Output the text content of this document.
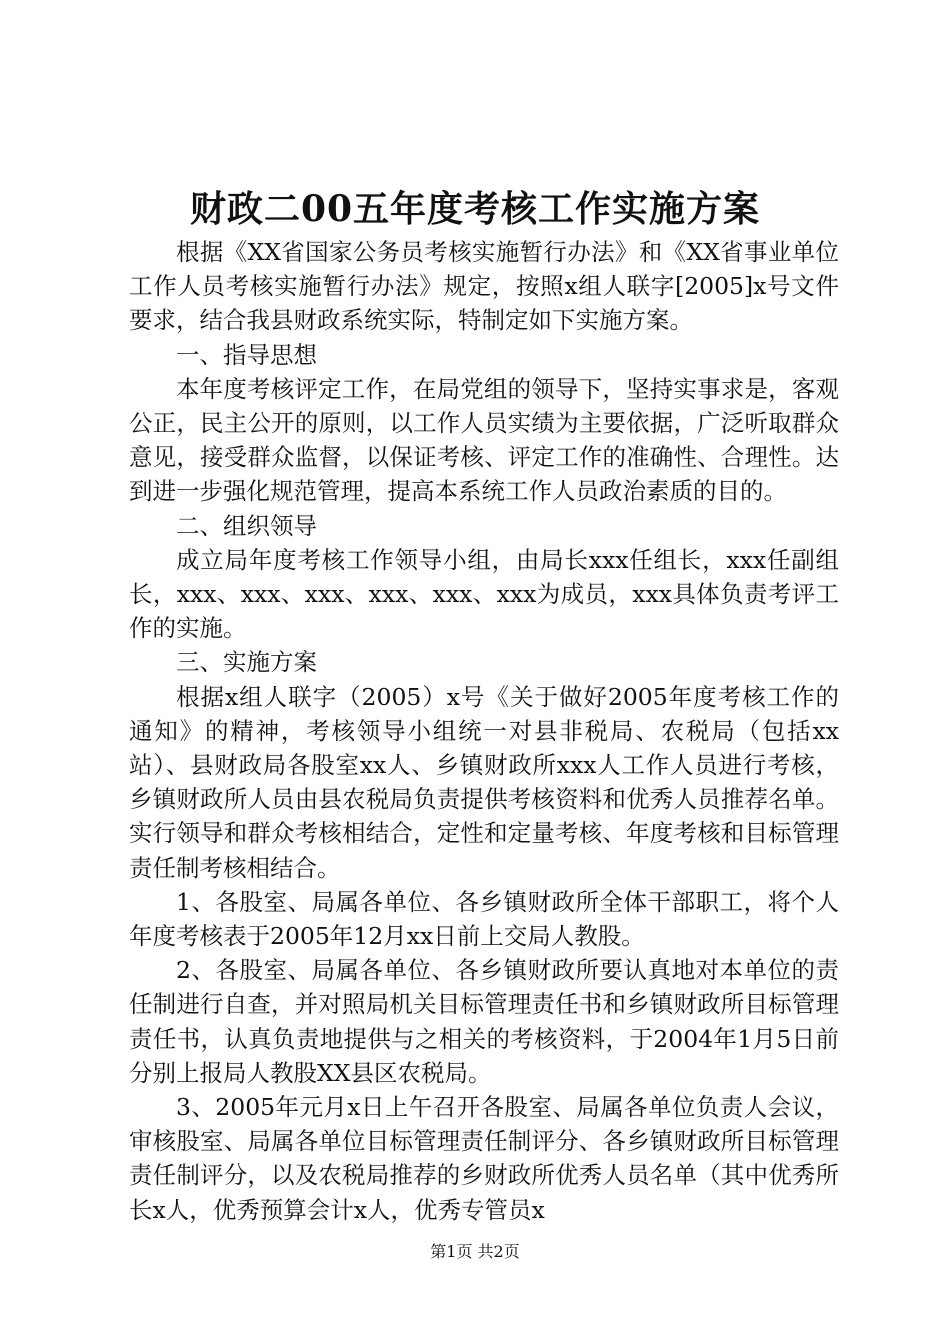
财政二00五年度考核工作实施方案

根据《XX省国家公务员考核实施暂行办法》和《XX省事业单位工作人员考核实施暂行办法》规定，按照x组人联字[2005]x号文件要求，结合我县财政系统实际，特制定如下实施方案。

一、指导思想

本年度考核评定工作，在局党组的领导下，坚持实事求是，客观公正，民主公开的原则，以工作人员实绩为主要依据，广泛听取群众意见，接受群众监督，以保证考核、评定工作的准确性、合理性。达到进一步强化规范管理，提高本系统工作人员政治素质的目的。

二、组织领导

成立局年度考核工作领导小组，由局长xxx任组长，xxx任副组长，xxx、xxx、xxx、xxx、xxx、xxx为成员，xxx具体负责考评工作的实施。

三、实施方案

根据x组人联字（2005）x号《关于做好2005年度考核工作的通知》的精神，考核领导小组统一对县非税局、农税局（包括xx站）、县财政局各股室xx人、乡镇财政所xxx人工作人员进行考核，乡镇财政所人员由县农税局负责提供考核资料和优秀人员推荐名单。实行领导和群众考核相结合，定性和定量考核、年度考核和目标管理责任制考核相结合。

1、各股室、局属各单位、各乡镇财政所全体干部职工，将个人年度考核表于2005年12月xx日前上交局人教股。

2、各股室、局属各单位、各乡镇财政所要认真地对本单位的责任制进行自查，并对照局机关目标管理责任书和乡镇财政所目标管理责任书，认真负责地提供与之相关的考核资料，于2004年1月5日前分别上报局人教股XX县区农税局。

3、2005年元月x日上午召开各股室、局属各单位负责人会议，审核股室、局属各单位目标管理责任制评分、各乡镇财政所目标管理责任制评分，以及农税局推荐的乡财政所优秀人员名单（其中优秀所长x人，优秀预算会计x人，优秀专管员x

第1页 共2页
